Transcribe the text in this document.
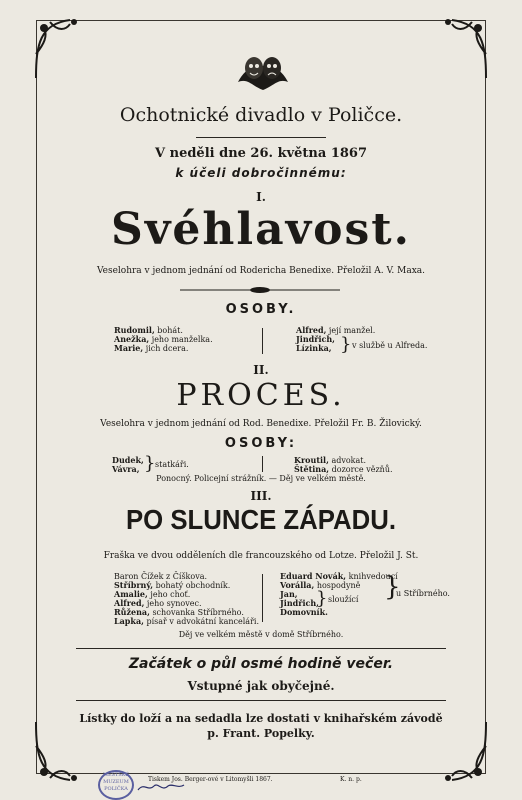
Ochotnické divadlo v Poličce.
V neděli dne 26. května 1867
k účeli dobročinnému:
I.
Svéhlavost.
Veselohra v jednom jednání od Rodericha Benedixe. Přeložil A. V. Maxa.
OSOBY.
Rudomil, bohát.
Anežka, jeho manželka.
Marie, jich dcera.
Alfred, její manžel.
Jindřich,
Lízinka, } v službě u Alfreda.
II.
PROCES.
Veselohra v jednom jednání od Rod. Benedixe. Přeložil Fr. B. Žilovický.
OSOBY:
Dudek,
Vávra, } statkáři.	Kroutil, advokat.
Štětina, dozorce vězňů.
Ponocný. Policejní strážník. — Děj ve velkém městě.
III.
PO SLUNCE ZÁPADU.
Fraška ve dvou odděleních dle francouzského od Lotze. Přeložil J. St.
Baron Čížek z Číškova.
Stříbrný, bohatý obchodník.
Amalie, jeho choť.
Alfred, jeho synovec.
Růžena, schovanka Stříbrného.
Lapka, písař v advokátní kanceláři.
Eduard Novák, knihvedoucí
Vorálla, hospodyně
Jan,
Jindřich,
Domovník.
} sloužící }
u Stříbrného.
Děj ve velkém městě v domě Stříbrného.
Začátek o půl osmé hodině večer.
Vstupné jak obyčejné.
Lístky do loží a na sedadla lze dostati v knihařském závodě
p. Frant. Popelky.
Tiskem Jos. Berger-ové v Litomyšli 1867.	K. n. p.
MĚSTSKÉ MUZEUM POLIČKA
